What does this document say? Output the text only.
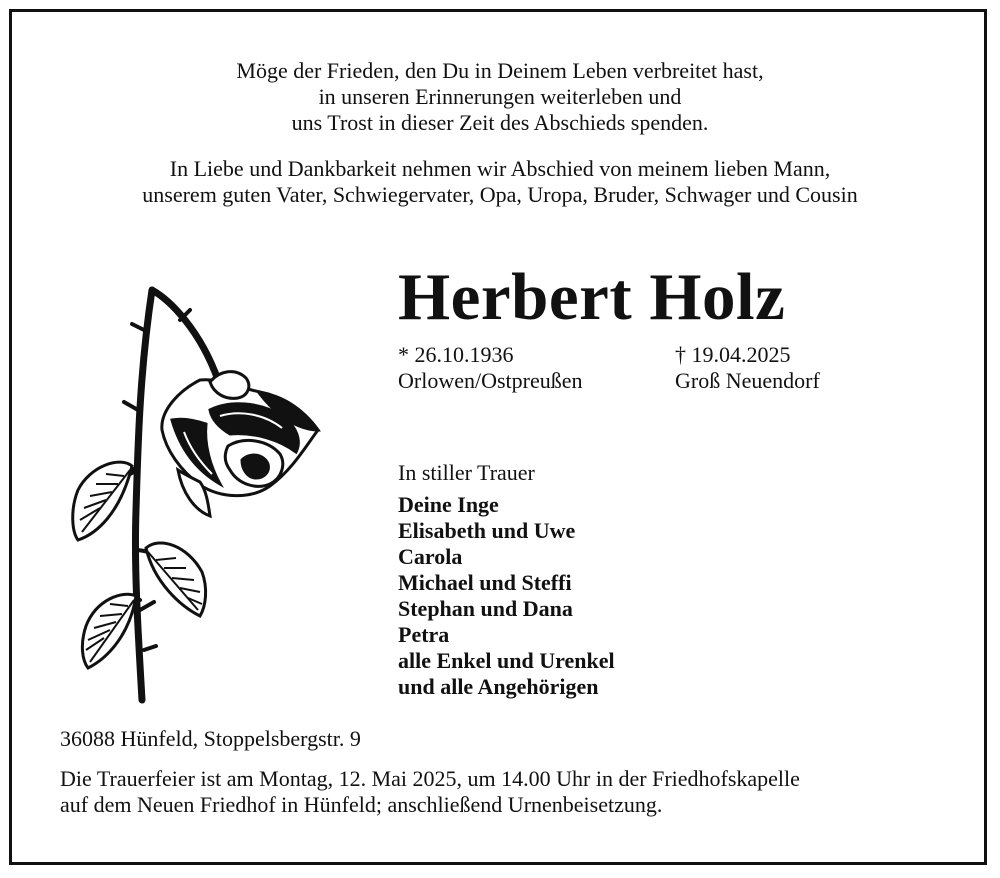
Möge der Frieden, den Du in Deinem Leben verbreitet hast,
in unseren Erinnerungen weiterleben und
uns Trost in dieser Zeit des Abschieds spenden.
In Liebe und Dankbarkeit nehmen wir Abschied von meinem lieben Mann,
unserem guten Vater, Schwiegervater, Opa, Uropa, Bruder, Schwager und Cousin
Herbert Holz
* 26.10.1936
Orlowen/Ostpreußen
† 19.04.2025
Groß Neuendorf
In stiller Trauer
Deine Inge
Elisabeth und Uwe
Carola
Michael und Steffi
Stephan und Dana
Petra
alle Enkel und Urenkel
und alle Angehörigen
36088 Hünfeld, Stoppelsbergstr. 9
Die Trauerfeier ist am Montag, 12. Mai 2025, um 14.00 Uhr in der Friedhofskapelle
auf dem Neuen Friedhof in Hünfeld; anschließend Urnenbeisetzung.
